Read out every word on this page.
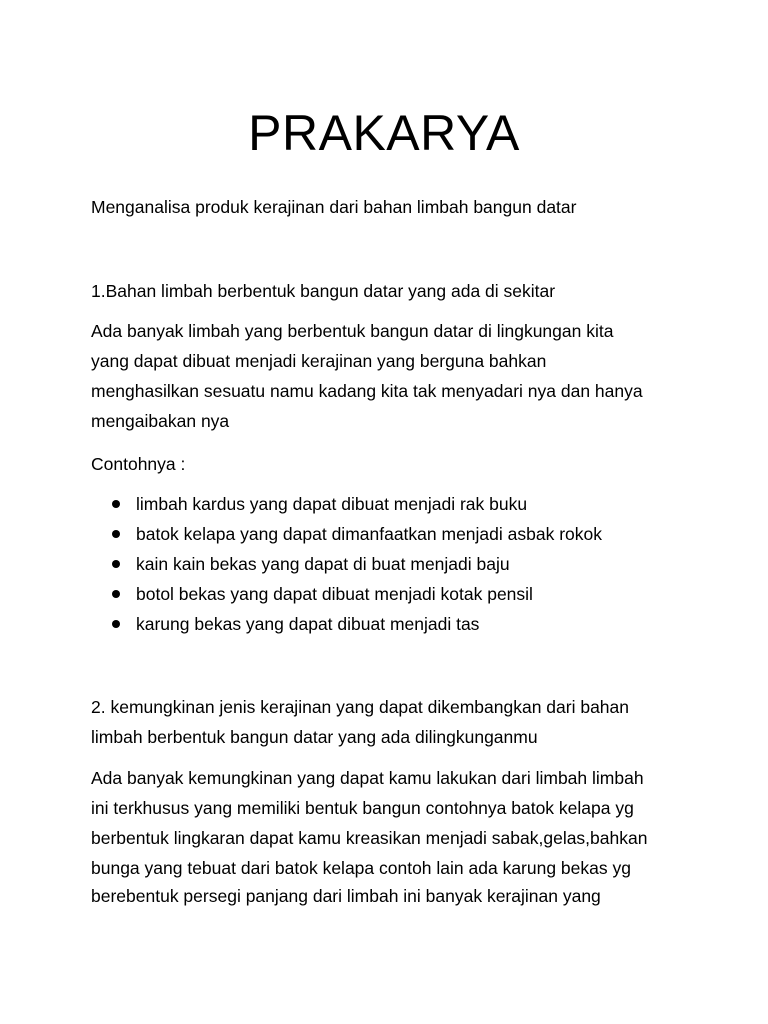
PRAKARYA

Menganalisa produk kerajinan dari bahan limbah bangun datar

1.Bahan limbah berbentuk bangun datar yang ada di sekitar

Ada banyak limbah yang berbentuk bangun datar di lingkungan kita

yang dapat dibuat menjadi kerajinan yang berguna bahkan

menghasilkan sesuatu namu kadang kita tak menyadari nya dan hanya

mengaibakan nya

Contohnya :

limbah kardus yang dapat dibuat menjadi rak buku
batok kelapa yang dapat dimanfaatkan menjadi asbak rokok
kain kain bekas yang dapat di buat menjadi baju
botol bekas yang dapat dibuat menjadi kotak pensil
karung bekas yang dapat dibuat menjadi tas

2. kemungkinan jenis kerajinan yang dapat dikembangkan dari bahan

limbah berbentuk bangun datar yang ada dilingkunganmu

Ada banyak kemungkinan yang dapat kamu lakukan dari limbah limbah

ini terkhusus yang memiliki bentuk bangun contohnya batok kelapa yg

berbentuk lingkaran dapat kamu kreasikan menjadi sabak,gelas,bahkan

bunga yang tebuat dari batok kelapa contoh lain ada karung bekas yg

berebentuk persegi panjang dari limbah ini banyak kerajinan yang
